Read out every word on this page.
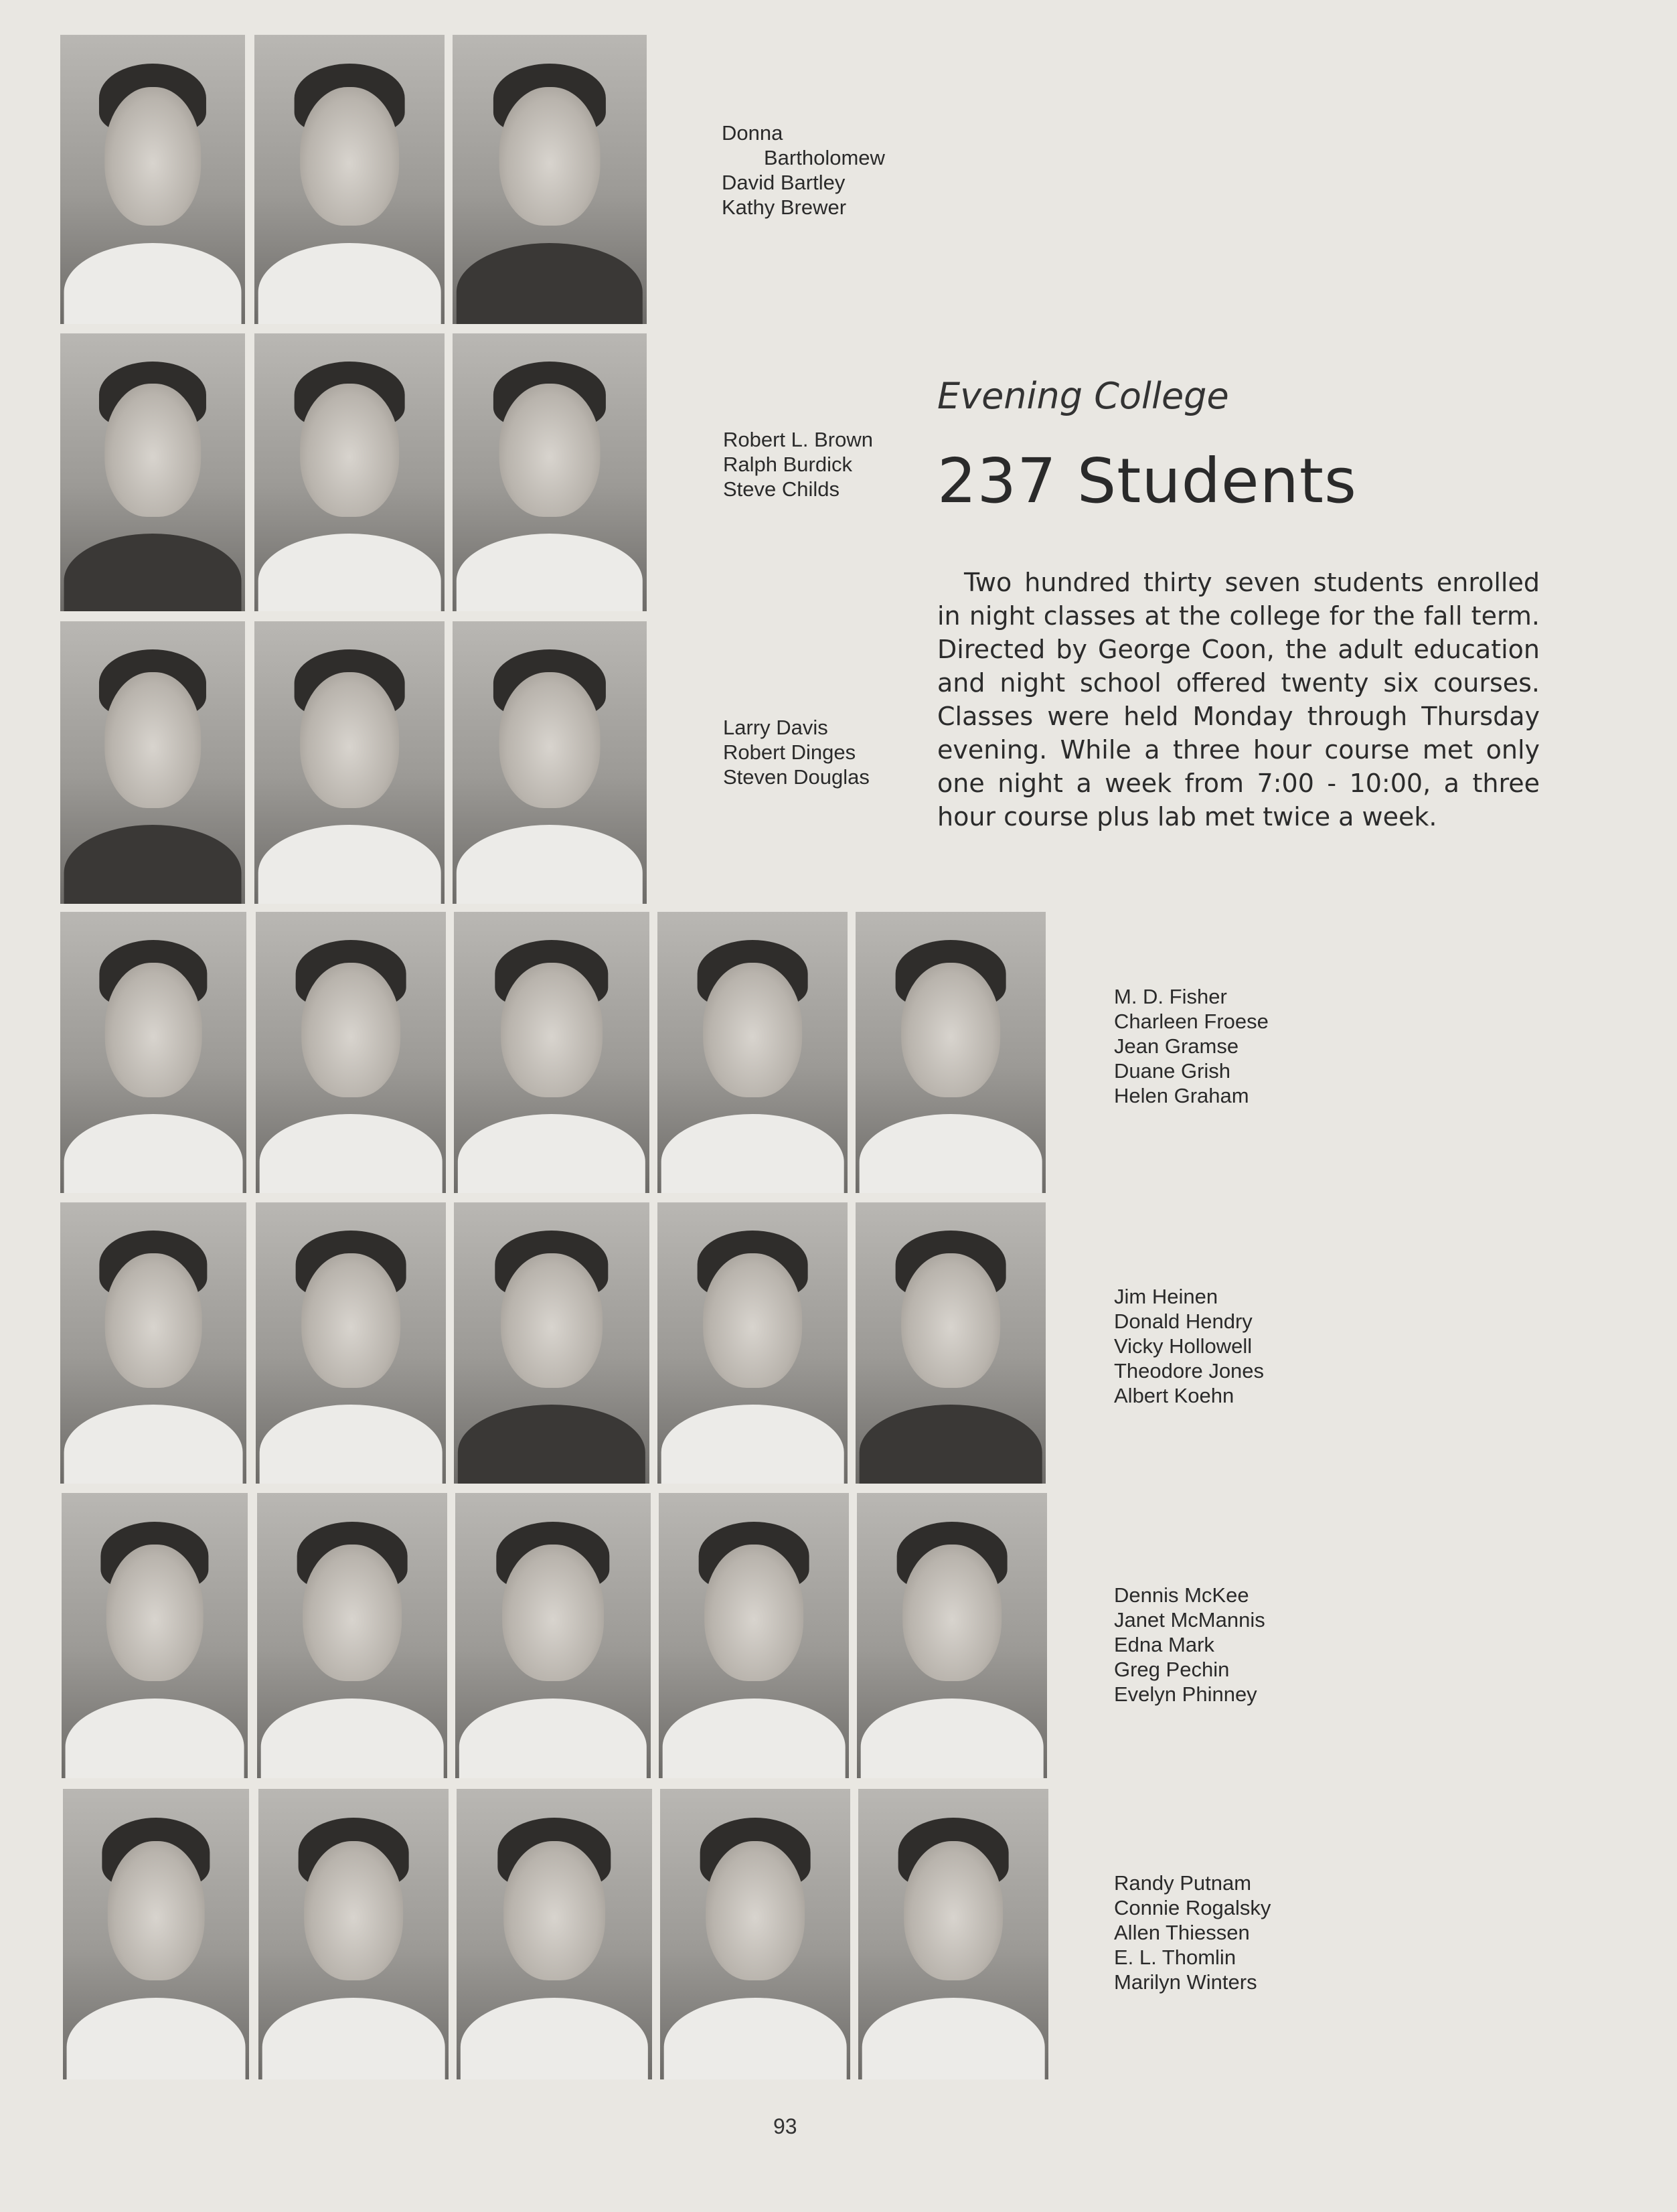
Donna
Bartholomew
David Bartley
Kathy Brewer
Robert L. Brown
Ralph Burdick
Steve Childs
Larry Davis
Robert Dinges
Steven Douglas
M. D. Fisher
Charleen Froese
Jean Gramse
Duane Grish
Helen Graham
Jim Heinen
Donald Hendry
Vicky Hollowell
Theodore Jones
Albert Koehn
Dennis McKee
Janet McMannis
Edna Mark
Greg Pechin
Evelyn Phinney
Randy Putnam
Connie Rogalsky
Allen Thiessen
E. L. Thomlin
Marilyn Winters
Evening College
237 Students
Two hundred thirty seven students enrolled in night classes at the college for the fall term. Directed by George Coon, the adult education and night school offered twenty six courses. Classes were held Monday through Thursday evening. While a three hour course met only one night a week from 7:00 - 10:00, a three hour course plus lab met twice a week.
93
